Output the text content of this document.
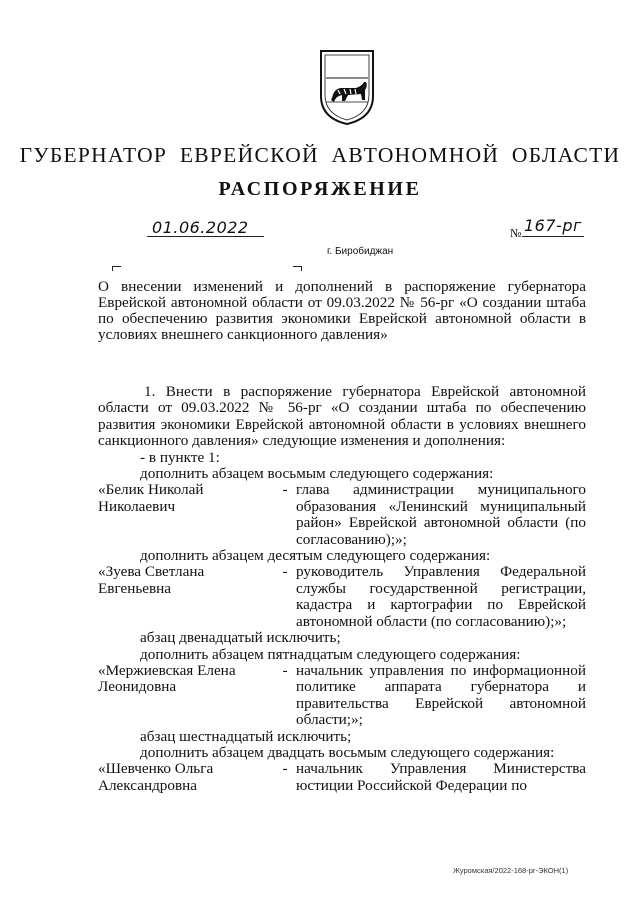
ГУБЕРНАТОР ЕВРЕЙСКОЙ АВТОНОМНОЙ ОБЛАСТИ
РАСПОРЯЖЕНИЕ
01.06.2022	№ 167-рг
г. Биробиджан
О внесении изменений и дополнений в распоряжение губернатора Еврейской автономной области от 09.03.2022 № 56-рг «О создании штаба по обеспечению развития экономики Еврейской автономной области в условиях внешнего санкционного давления»

1. Внести в распоряжение губернатора Еврейской автономной области от 09.03.2022 № 56-рг «О создании штаба по обеспечению развития экономики Еврейской автономной области в условиях внешнего санкционного давления» следующие изменения и дополнения:

- в пункте 1:

дополнить абзацем восьмым следующего содержания:

«Белик Николай Николаевич
- глава администрации муниципального образования «Ленинский муниципальный район» Еврейской автономной области (по согласованию);»;

дополнить абзацем десятым следующего содержания:

«Зуева Светлана Евгеньевна
- руководитель Управления Федеральной службы государственной регистрации, кадастра и картографии по Еврейской автономной области (по согласованию);»;

абзац двенадцатый исключить;

дополнить абзацем пятнадцатым следующего содержания:

«Мержиевская Елена Леонидовна
- начальник управления по информационной политике аппарата губернатора и правительства Еврейской автономной области;»;

абзац шестнадцатый исключить;

дополнить абзацем двадцать восьмым следующего содержания:

«Шевченко Ольга Александровна
- начальник Управления Министерства юстиции Российской Федерации по
Журомская/2022-168-рг-ЭКОН(1)
